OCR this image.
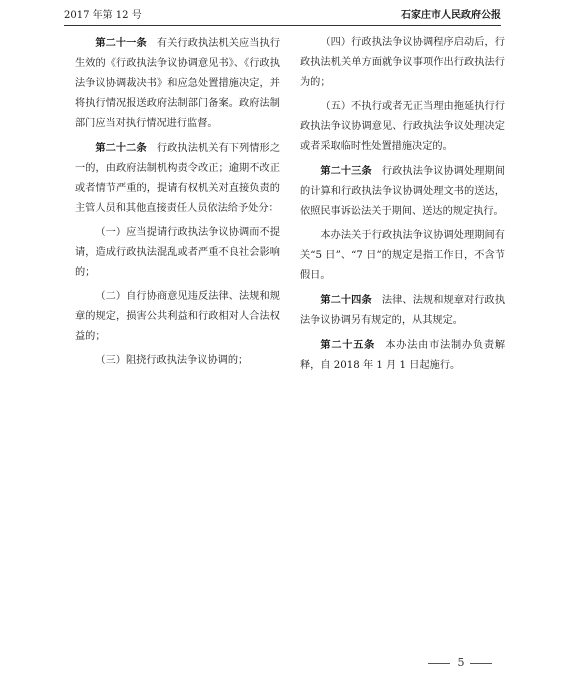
2017 年第 12 号	石家庄市人民政府公报

第二十一条 有关行政执法机关应当执行生效的《行政执法争议协调意见书》、《行政执法争议协调裁决书》和应急处置措施决定，并将执行情况报送政府法制部门备案。政府法制部门应当对执行情况进行监督。

第二十二条 行政执法机关有下列情形之一的，由政府法制机构责令改正；逾期不改正或者情节严重的，提请有权机关对直接负责的主管人员和其他直接责任人员依法给予处分：

（一）应当提请行政执法争议协调而不提请，造成行政执法混乱或者严重不良社会影响的；

（二）自行协商意见违反法律、法规和规章的规定，损害公共利益和行政相对人合法权益的；

（三）阻挠行政执法争议协调的；

（四）行政执法争议协调程序启动后，行政执法机关单方面就争议事项作出行政执法行为的；

（五）不执行或者无正当理由拖延执行行政执法争议协调意见、行政执法争议处理决定或者采取临时性处置措施决定的。

第二十三条 行政执法争议协调处理期间的计算和行政执法争议协调处理文书的送达，依照民事诉讼法关于期间、送达的规定执行。

本办法关于行政执法争议协调处理期间有关“5 日”、“7 日”的规定是指工作日，不含节假日。

第二十四条 法律、法规和规章对行政执法争议协调另有规定的，从其规定。

第二十五条 本办法由市法制办负责解释，自 2018 年 1 月 1 日起施行。

5
